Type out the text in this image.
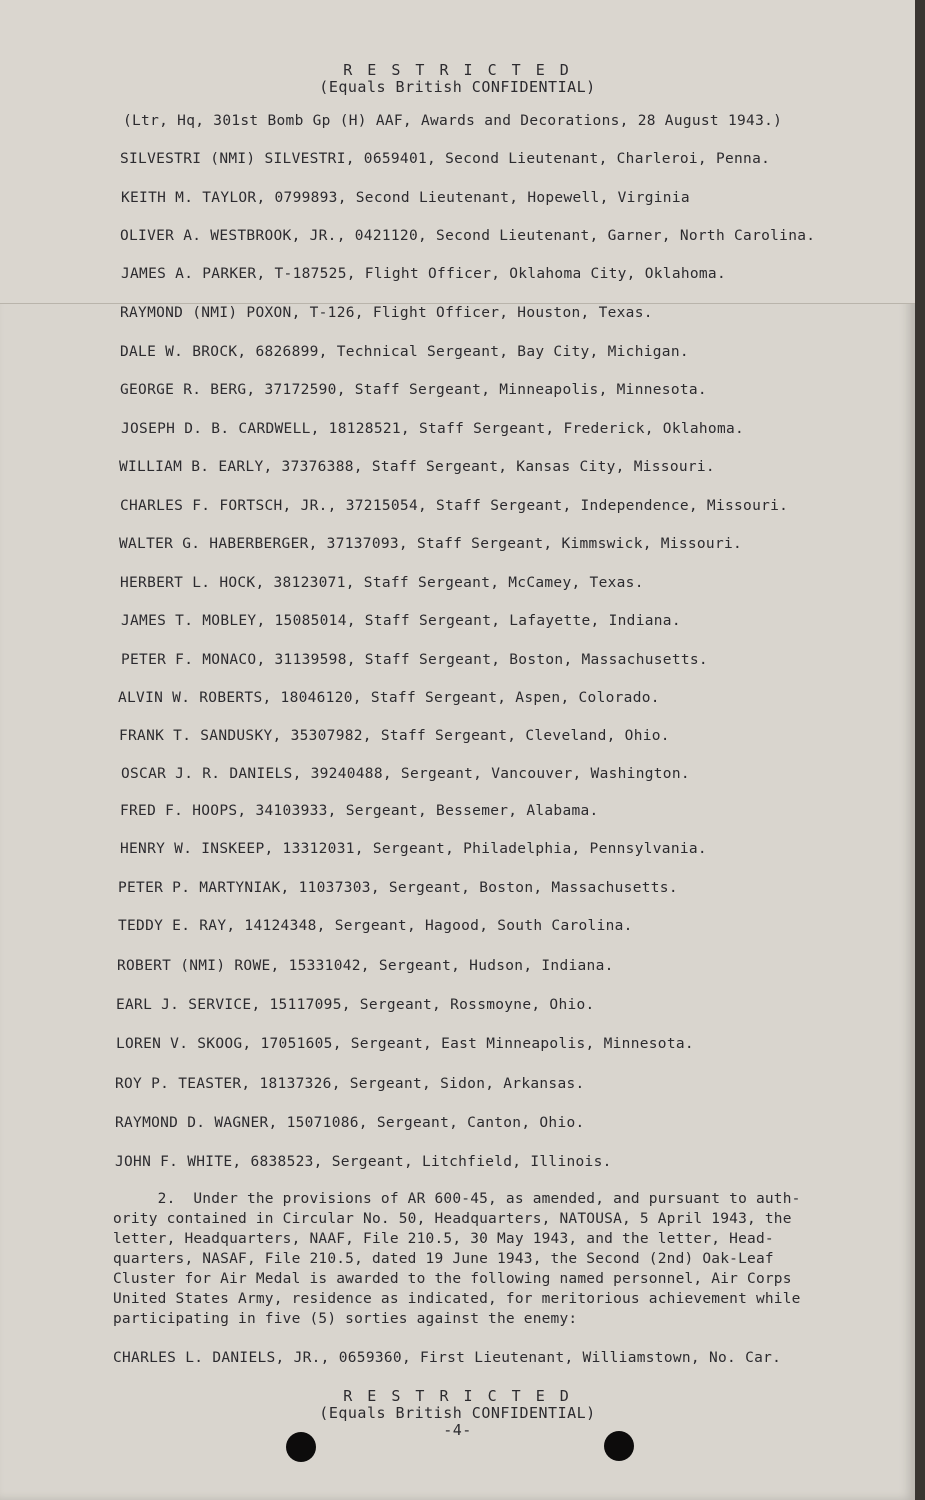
R E S T R I C T E D
(Equals British CONFIDENTIAL)
(Ltr, Hq, 301st Bomb Gp (H) AAF, Awards and Decorations, 28 August 1943.)
SILVESTRI (NMI) SILVESTRI, 0659401, Second Lieutenant, Charleroi, Penna.
KEITH M. TAYLOR, 0799893, Second Lieutenant, Hopewell, Virginia
OLIVER A. WESTBROOK, JR., 0421120, Second Lieutenant, Garner, North Carolina.
JAMES A. PARKER, T-187525, Flight Officer, Oklahoma City, Oklahoma.
RAYMOND (NMI) POXON, T-126, Flight Officer, Houston, Texas.
DALE W. BROCK, 6826899, Technical Sergeant, Bay City, Michigan.
GEORGE R. BERG, 37172590, Staff Sergeant, Minneapolis, Minnesota.
JOSEPH D. B. CARDWELL, 18128521, Staff Sergeant, Frederick, Oklahoma.
WILLIAM B. EARLY, 37376388, Staff Sergeant, Kansas City, Missouri.
CHARLES F. FORTSCH, JR., 37215054, Staff Sergeant, Independence, Missouri.
WALTER G. HABERBERGER, 37137093, Staff Sergeant, Kimmswick, Missouri.
HERBERT L. HOCK, 38123071, Staff Sergeant, McCamey, Texas.
JAMES T. MOBLEY, 15085014, Staff Sergeant, Lafayette, Indiana.
PETER F. MONACO, 31139598, Staff Sergeant, Boston, Massachusetts.
ALVIN W. ROBERTS, 18046120, Staff Sergeant, Aspen, Colorado.
FRANK T. SANDUSKY, 35307982, Staff Sergeant, Cleveland, Ohio.
OSCAR J. R. DANIELS, 39240488, Sergeant, Vancouver, Washington.
FRED F. HOOPS, 34103933, Sergeant, Bessemer, Alabama.
HENRY W. INSKEEP, 13312031, Sergeant, Philadelphia, Pennsylvania.
PETER P. MARTYNIAK, 11037303, Sergeant, Boston, Massachusetts.
TEDDY E. RAY, 14124348, Sergeant, Hagood, South Carolina.
ROBERT (NMI) ROWE, 15331042, Sergeant, Hudson, Indiana.
EARL J. SERVICE, 15117095, Sergeant, Rossmoyne, Ohio.
LOREN V. SKOOG, 17051605, Sergeant, East Minneapolis, Minnesota.
ROY P. TEASTER, 18137326, Sergeant, Sidon, Arkansas.
RAYMOND D. WAGNER, 15071086, Sergeant, Canton, Ohio.
JOHN F. WHITE, 6838523, Sergeant, Litchfield, Illinois.
2.  Under the provisions of AR 600-45, as amended, and pursuant to auth-
ority contained in Circular No. 50, Headquarters, NATOUSA, 5 April 1943, the
letter, Headquarters, NAAF, File 210.5, 30 May 1943, and the letter, Head-
quarters, NASAF, File 210.5, dated 19 June 1943, the Second (2nd) Oak-Leaf
Cluster for Air Medal is awarded to the following named personnel, Air Corps
United States Army, residence as indicated, for meritorious achievement while
participating in five (5) sorties against the enemy:
CHARLES L. DANIELS, JR., 0659360, First Lieutenant, Williamstown, No. Car.
R E S T R I C T E D
(Equals British CONFIDENTIAL)
-4-
